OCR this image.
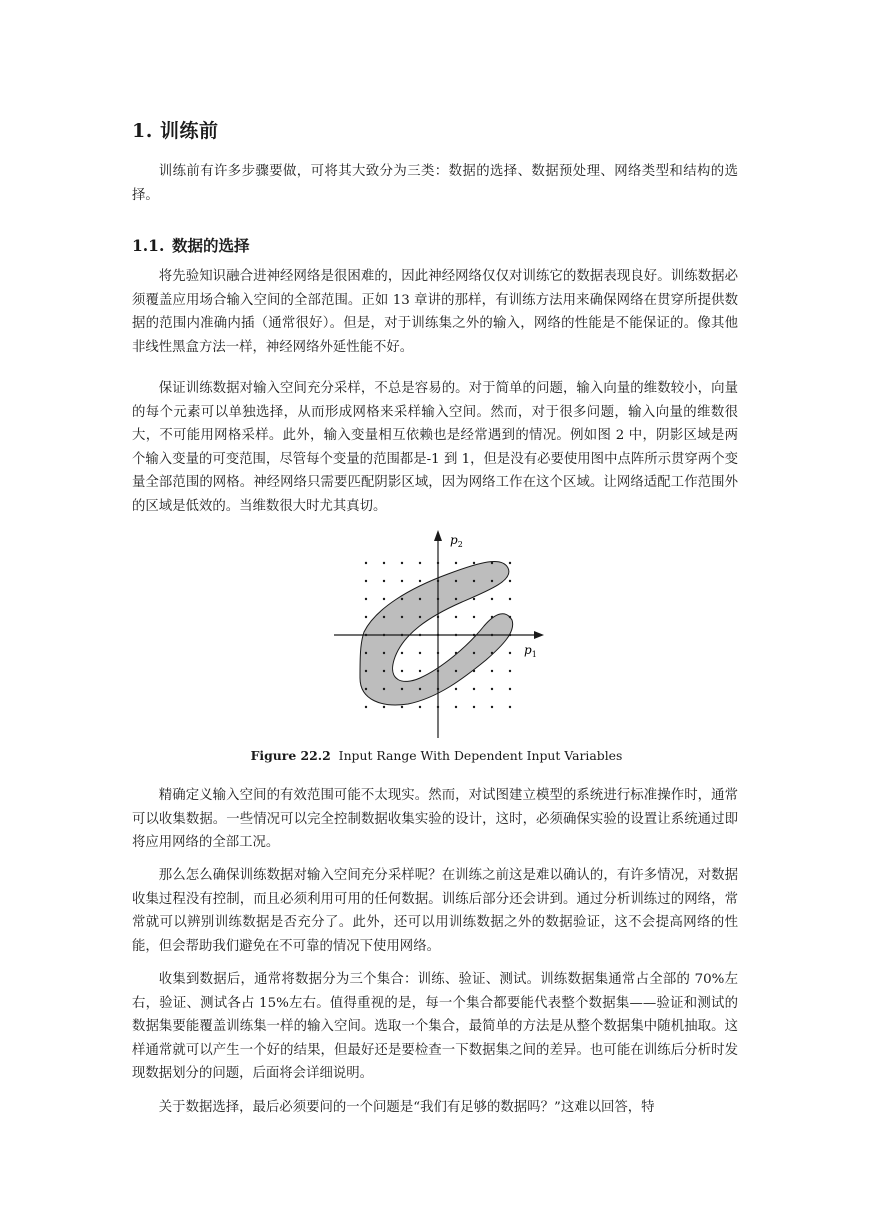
1. 训练前

训练前有许多步骤要做，可将其大致分为三类：数据的选择、数据预处理、网络类型和结构的选择。

1.1. 数据的选择

将先验知识融合进神经网络是很困难的，因此神经网络仅仅对训练它的数据表现良好。训练数据必须覆盖应用场合输入空间的全部范围。正如 13 章讲的那样，有训练方法用来确保网络在贯穿所提供数据的范围内准确内插（通常很好）。但是，对于训练集之外的输入，网络的性能是不能保证的。像其他非线性黑盒方法一样，神经网络外延性能不好。

保证训练数据对输入空间充分采样，不总是容易的。对于简单的问题，输入向量的维数较小，向量的每个元素可以单独选择，从而形成网格来采样输入空间。然而，对于很多问题，输入向量的维数很大，不可能用网格采样。此外，输入变量相互依赖也是经常遇到的情况。例如图 2 中，阴影区域是两个输入变量的可变范围，尽管每个变量的范围都是-1 到 1，但是没有必要使用图中点阵所示贯穿两个变量全部范围的网格。神经网络只需要匹配阴影区域，因为网络工作在这个区域。让网络适配工作范围外的区域是低效的。当维数很大时尤其真切。

$p_2$
$p_1$
Figure 22.2 Input Range With Dependent Input Variables

精确定义输入空间的有效范围可能不太现实。然而，对试图建立模型的系统进行标准操作时，通常可以收集数据。一些情况可以完全控制数据收集实验的设计，这时，必须确保实验的设置让系统通过即将应用网络的全部工况。

那么怎么确保训练数据对输入空间充分采样呢？在训练之前这是难以确认的，有许多情况，对数据收集过程没有控制，而且必须利用可用的任何数据。训练后部分还会讲到。通过分析训练过的网络，常常就可以辨别训练数据是否充分了。此外，还可以用训练数据之外的数据验证，这不会提高网络的性能，但会帮助我们避免在不可靠的情况下使用网络。

收集到数据后，通常将数据分为三个集合：训练、验证、测试。训练数据集通常占全部的 70%左右，验证、测试各占 15%左右。值得重视的是，每一个集合都要能代表整个数据集——验证和测试的数据集要能覆盖训练集一样的输入空间。选取一个集合，最简单的方法是从整个数据集中随机抽取。这样通常就可以产生一个好的结果，但最好还是要检查一下数据集之间的差异。也可能在训练后分析时发现数据划分的问题，后面将会详细说明。

关于数据选择，最后必须要问的一个问题是“我们有足够的数据吗？”这难以回答，特
